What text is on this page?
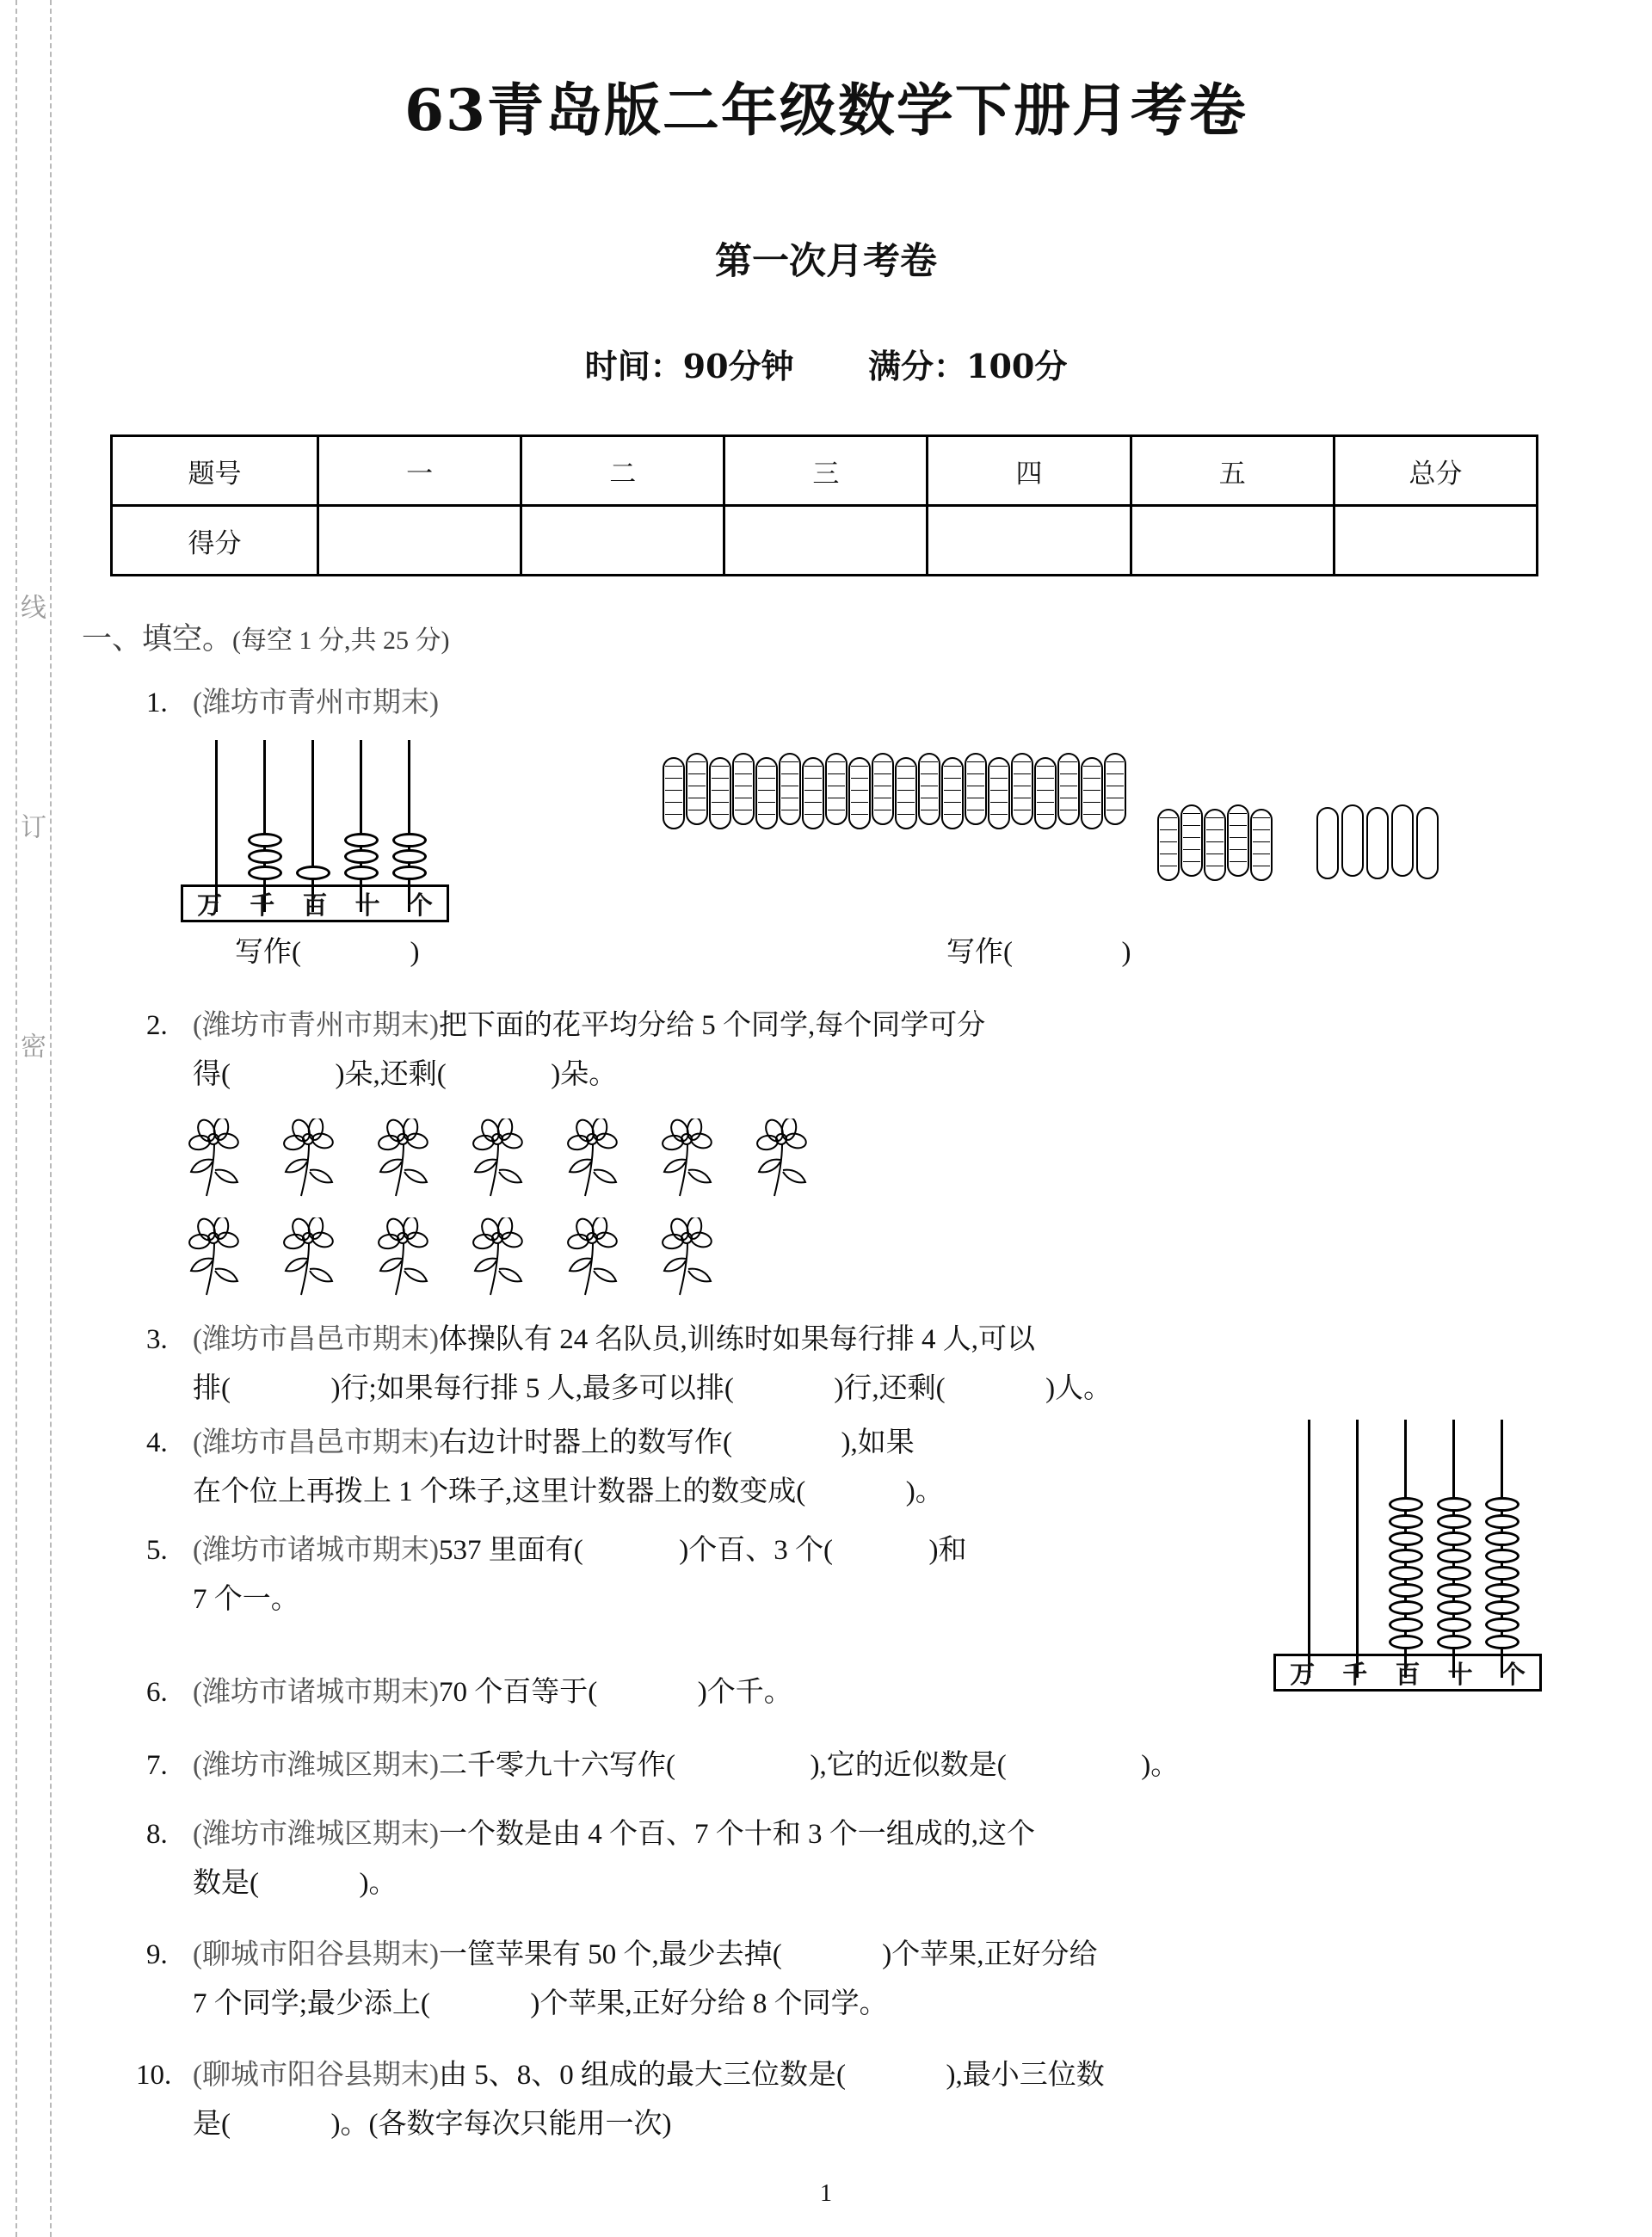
线
订
密
63青岛版二年级数学下册月考卷
第一次月考卷
时间：90分钟 满分：100分
题号	一	二	三	四	五	总分
得分						
一、填空。(每空 1 分,共 25 分)
1. (潍坊市青州市期末)
万 千 百 十 个
写作(	)	写作(	)
2. (潍坊市青州市期末)把下面的花平均分给 5 个同学,每个同学可分
得(	)朵,还剩(	)朵。
3. (潍坊市昌邑市期末)体操队有 24 名队员,训练时如果每行排 4 人,可以
排(	)行;如果每行排 5 人,最多可以排(	)行,还剩(	)人。
4. (潍坊市昌邑市期末)右边计时器上的数写作(	),如果
在个位上再拨上 1 个珠子,这里计数器上的数变成(	)。
万 千 百 十 个
5. (潍坊市诸城市期末)537 里面有(	)个百、3 个(	)和
7 个一。
6. (潍坊市诸城市期末)70 个百等于(	)个千。
7. (潍坊市潍城区期末)二千零九十六写作(	),它的近似数是(	)。
8. (潍坊市潍城区期末)一个数是由 4 个百、7 个十和 3 个一组成的,这个
数是(	)。
9. (聊城市阳谷县期末)一筐苹果有 50 个,最少去掉(	)个苹果,正好分给
7 个同学;最少添上(	)个苹果,正好分给 8 个同学。
10. (聊城市阳谷县期末)由 5、8、0 组成的最大三位数是(	),最小三位数
是(	)。(各数字每次只能用一次)
1
